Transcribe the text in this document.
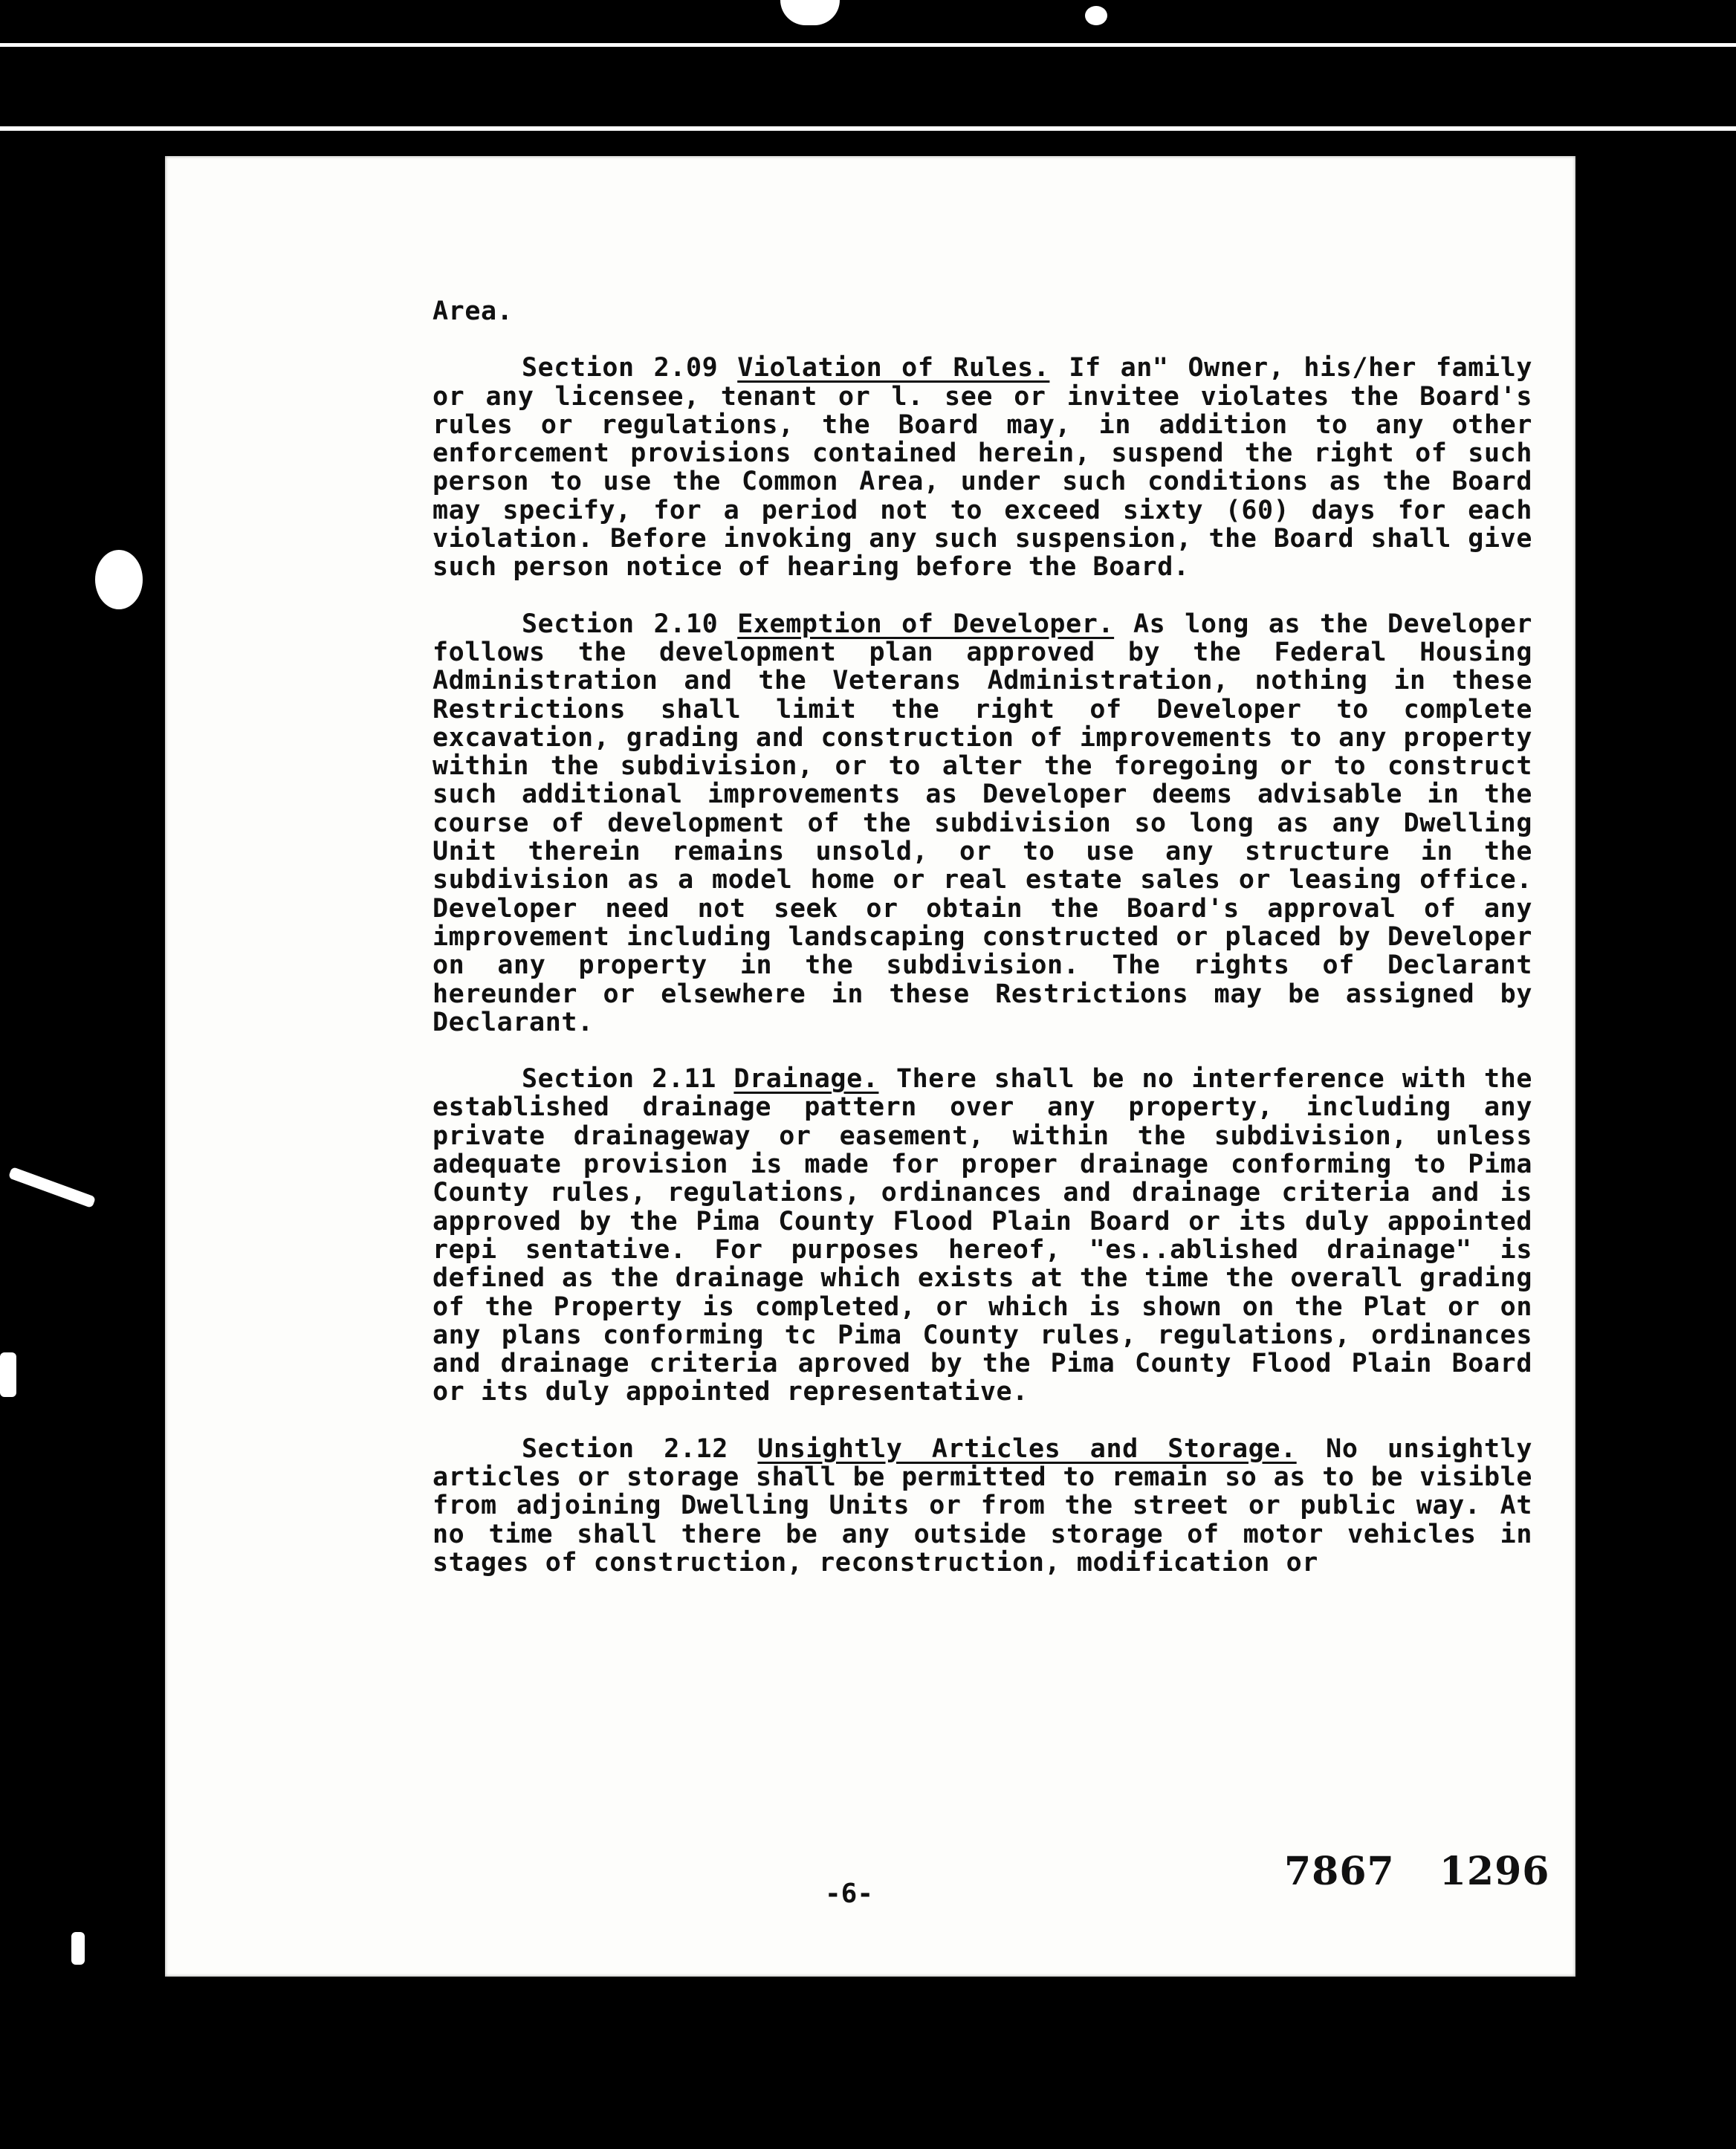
Area.

Section 2.09 Violation of Rules. If an" Owner, his/her family or any licensee, tenant or l. see or invitee violates the Board's rules or regulations, the Board may, in addition to any other enforcement provisions contained herein, suspend the right of such person to use the Common Area, under such conditions as the Board may specify, for a period not to exceed sixty (60) days for each violation. Before invoking any such suspension, the Board shall give such person notice of hearing before the Board.

Section 2.10 Exemption of Developer. As long as the Developer follows the development plan approved by the Federal Housing Administration and the Veterans Administration, nothing in these Restrictions shall limit the right of Developer to complete excavation, grading and construction of improvements to any property within the subdivision, or to alter the foregoing or to construct such additional improvements as Developer deems advisable in the course of development of the subdivision so long as any Dwelling Unit therein remains unsold, or to use any structure in the subdivision as a model home or real estate sales or leasing office. Developer need not seek or obtain the Board's approval of any improvement including landscaping constructed or placed by Developer on any property in the subdivision. The rights of Declarant hereunder or elsewhere in these Restrictions may be assigned by Declarant.

Section 2.11 Drainage. There shall be no interference with the established drainage pattern over any property, including any private drainageway or easement, within the subdivision, unless adequate provision is made for proper drainage conforming to Pima County rules, regulations, ordinances and drainage criteria and is approved by the Pima County Flood Plain Board or its duly appointed repi sentative. For purposes hereof, "es..ablished drainage" is defined as the drainage which exists at the time the overall grading of the Property is completed, or which is shown on the Plat or on any plans conforming tc Pima County rules, regulations, ordinances and drainage criteria aproved by the Pima County Flood Plain Board or its duly appointed representative.

Section 2.12 Unsightly Articles and Storage. No unsightly articles or storage shall be permitted to remain so as to be visible from adjoining Dwelling Units or from the street or public way. At no time shall there be any outside storage of motor vehicles in stages of construction, reconstruction, modification or

-6-	7867 1296
